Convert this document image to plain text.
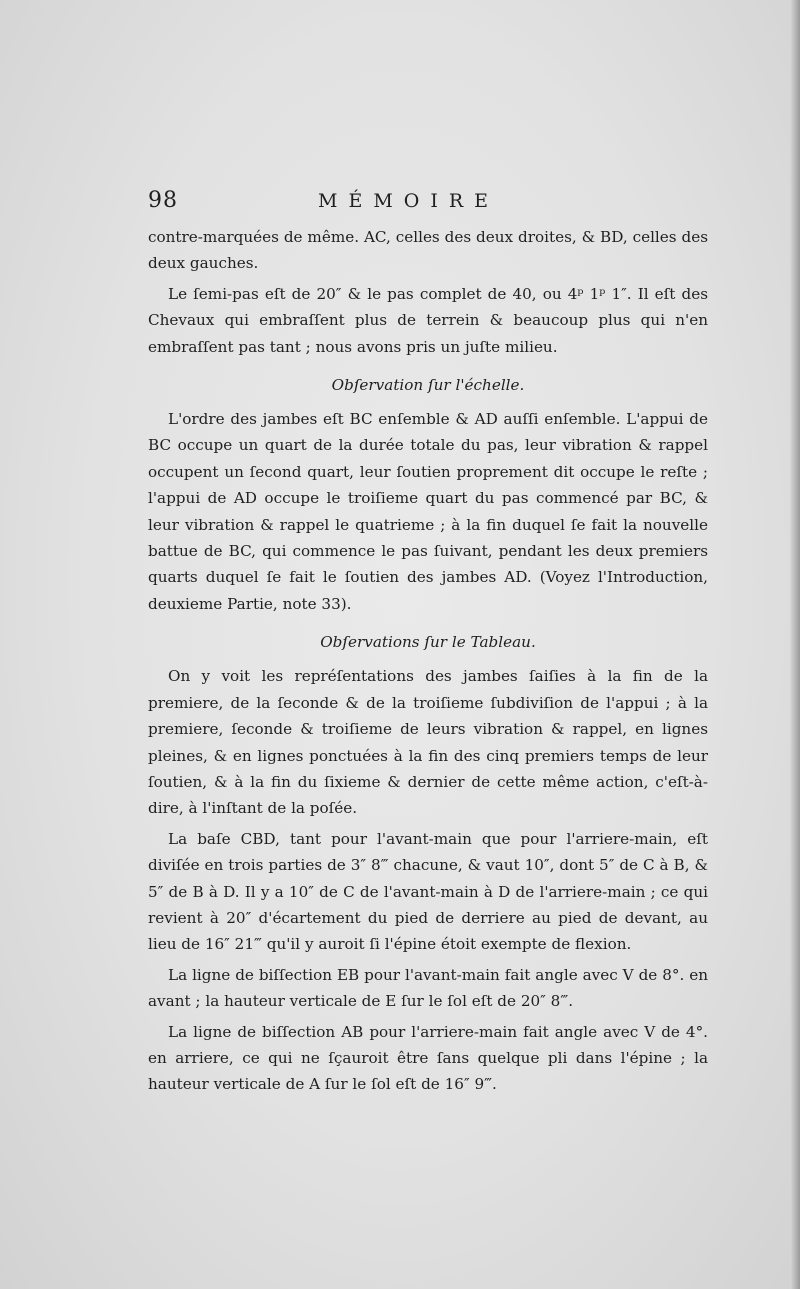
98	MÉMOIRE

contre-marquées de même. AC, celles des deux droites, & BD, celles des deux gauches.

Le ſemi-pas eſt de 20″ & le pas complet de 40, ou 4ᵖ 1ᵖ 1″. Il eſt des Chevaux qui embraſſent plus de terrein & beaucoup plus qui n'en embraſſent pas tant ; nous avons pris un juſte milieu.

Obſervation ſur l'échelle.

L'ordre des jambes eſt BC enſemble & AD auſſi enſemble. L'appui de BC occupe un quart de la durée totale du pas, leur vibration & rappel occupent un ſecond quart, leur ſoutien proprement dit occupe le reſte ; l'appui de AD occupe le troiſieme quart du pas commencé par BC, & leur vibration & rappel le quatrieme ; à la fin duquel ſe fait la nouvelle battue de BC, qui commence le pas ſuivant, pendant les deux premiers quarts duquel ſe fait le ſoutien des jambes AD. (Voyez l'Introduction, deuxieme Partie, note 33).

Obſervations ſur le Tableau.

On y voit les repréſentations des jambes ſaiſies à la fin de la premiere, de la ſeconde & de la troiſieme ſubdiviſion de l'appui ; à la premiere, ſeconde & troiſieme de leurs vibration & rappel, en lignes pleines, & en lignes ponctuées à la fin des cinq premiers temps de leur ſoutien, & à la fin du ſixieme & dernier de cette même action, c'eſt-à-dire, à l'inſtant de la poſée.

La baſe CBD, tant pour l'avant-main que pour l'arriere-main, eſt diviſée en trois parties de 3″ 8‴ chacune, & vaut 10″, dont 5″ de C à B, & 5″ de B à D. Il y a 10″ de C de l'avant-main à D de l'arriere-main ; ce qui revient à 20″ d'écartement du pied de derriere au pied de devant, au lieu de 16″ 21‴ qu'il y auroit ſi l'épine étoit exempte de flexion.

La ligne de biſſection EB pour l'avant-main fait angle avec V de 8°. en avant ; la hauteur verticale de E ſur le ſol eſt de 20″ 8‴.

La ligne de biſſection AB pour l'arriere-main fait angle avec V de 4°. en arriere, ce qui ne ſçauroit être ſans quelque pli dans l'épine ; la hauteur verticale de A ſur le ſol eſt de 16″ 9‴.
